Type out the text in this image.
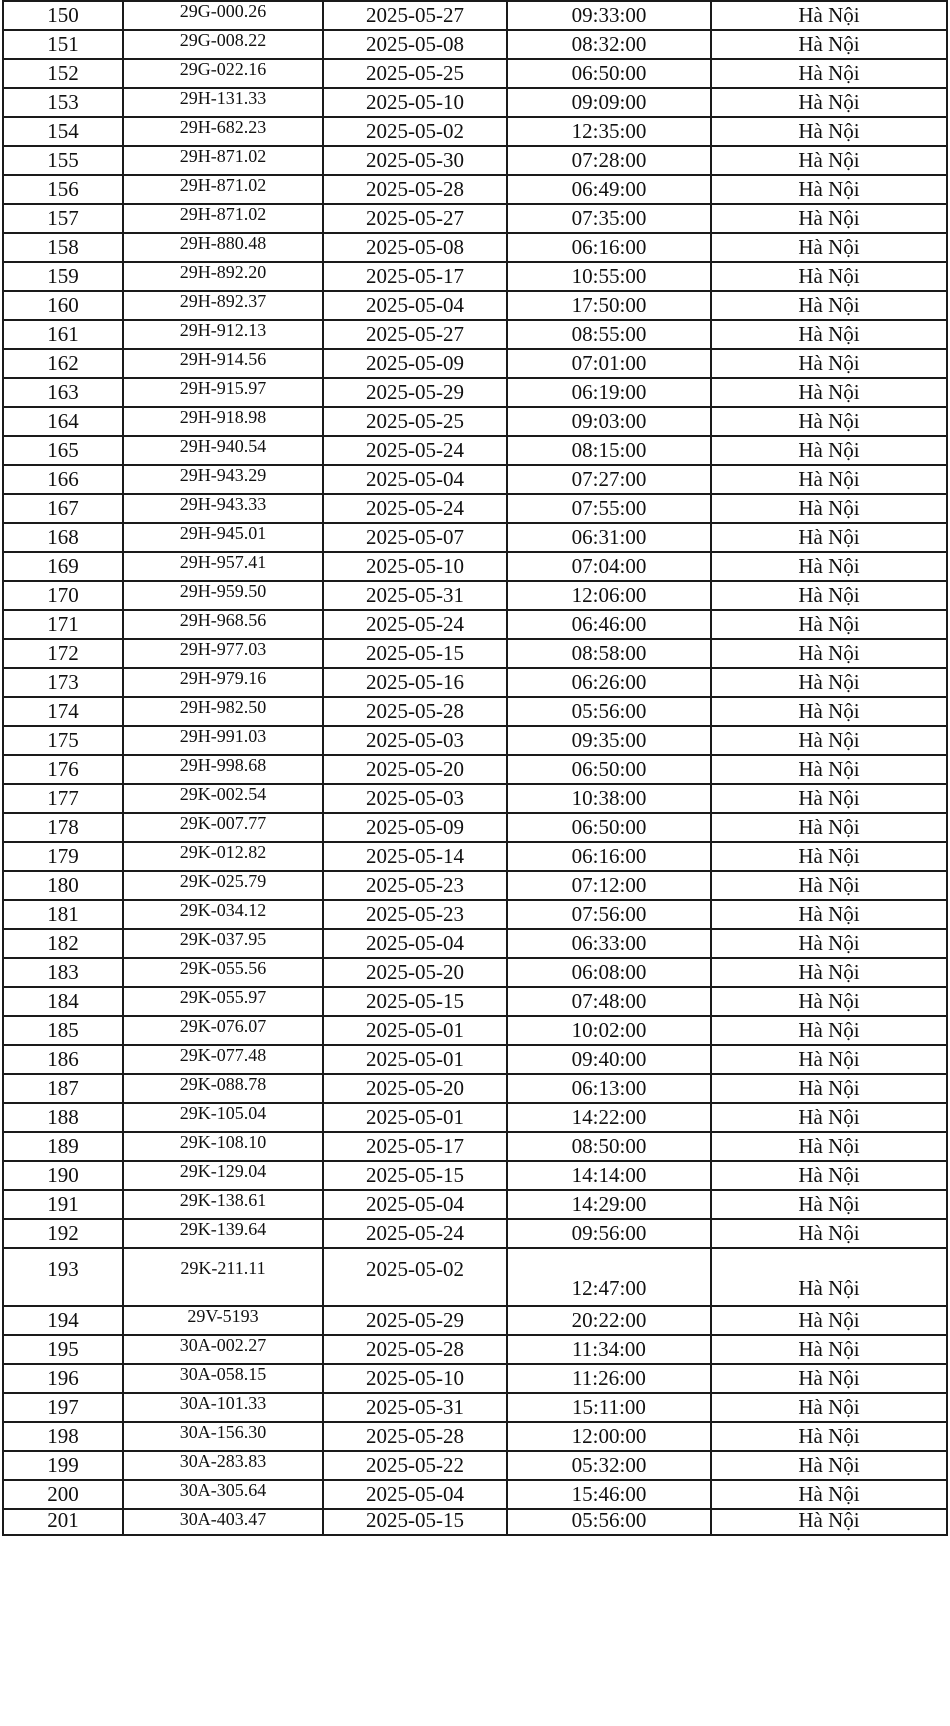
150	29G-000.26	2025-05-27	09:33:00	Hà Nội
151	29G-008.22	2025-05-08	08:32:00	Hà Nội
152	29G-022.16	2025-05-25	06:50:00	Hà Nội
153	29H-131.33	2025-05-10	09:09:00	Hà Nội
154	29H-682.23	2025-05-02	12:35:00	Hà Nội
155	29H-871.02	2025-05-30	07:28:00	Hà Nội
156	29H-871.02	2025-05-28	06:49:00	Hà Nội
157	29H-871.02	2025-05-27	07:35:00	Hà Nội
158	29H-880.48	2025-05-08	06:16:00	Hà Nội
159	29H-892.20	2025-05-17	10:55:00	Hà Nội
160	29H-892.37	2025-05-04	17:50:00	Hà Nội
161	29H-912.13	2025-05-27	08:55:00	Hà Nội
162	29H-914.56	2025-05-09	07:01:00	Hà Nội
163	29H-915.97	2025-05-29	06:19:00	Hà Nội
164	29H-918.98	2025-05-25	09:03:00	Hà Nội
165	29H-940.54	2025-05-24	08:15:00	Hà Nội
166	29H-943.29	2025-05-04	07:27:00	Hà Nội
167	29H-943.33	2025-05-24	07:55:00	Hà Nội
168	29H-945.01	2025-05-07	06:31:00	Hà Nội
169	29H-957.41	2025-05-10	07:04:00	Hà Nội
170	29H-959.50	2025-05-31	12:06:00	Hà Nội
171	29H-968.56	2025-05-24	06:46:00	Hà Nội
172	29H-977.03	2025-05-15	08:58:00	Hà Nội
173	29H-979.16	2025-05-16	06:26:00	Hà Nội
174	29H-982.50	2025-05-28	05:56:00	Hà Nội
175	29H-991.03	2025-05-03	09:35:00	Hà Nội
176	29H-998.68	2025-05-20	06:50:00	Hà Nội
177	29K-002.54	2025-05-03	10:38:00	Hà Nội
178	29K-007.77	2025-05-09	06:50:00	Hà Nội
179	29K-012.82	2025-05-14	06:16:00	Hà Nội
180	29K-025.79	2025-05-23	07:12:00	Hà Nội
181	29K-034.12	2025-05-23	07:56:00	Hà Nội
182	29K-037.95	2025-05-04	06:33:00	Hà Nội
183	29K-055.56	2025-05-20	06:08:00	Hà Nội
184	29K-055.97	2025-05-15	07:48:00	Hà Nội
185	29K-076.07	2025-05-01	10:02:00	Hà Nội
186	29K-077.48	2025-05-01	09:40:00	Hà Nội
187	29K-088.78	2025-05-20	06:13:00	Hà Nội
188	29K-105.04	2025-05-01	14:22:00	Hà Nội
189	29K-108.10	2025-05-17	08:50:00	Hà Nội
190	29K-129.04	2025-05-15	14:14:00	Hà Nội
191	29K-138.61	2025-05-04	14:29:00	Hà Nội
192	29K-139.64	2025-05-24	09:56:00	Hà Nội
193	29K-211.11	2025-05-02	12:47:00	Hà Nội
194	29V-5193	2025-05-29	20:22:00	Hà Nội
195	30A-002.27	2025-05-28	11:34:00	Hà Nội
196	30A-058.15	2025-05-10	11:26:00	Hà Nội
197	30A-101.33	2025-05-31	15:11:00	Hà Nội
198	30A-156.30	2025-05-28	12:00:00	Hà Nội
199	30A-283.83	2025-05-22	05:32:00	Hà Nội
200	30A-305.64	2025-05-04	15:46:00	Hà Nội
201	30A-403.47	2025-05-15	05:56:00	Hà Nội
